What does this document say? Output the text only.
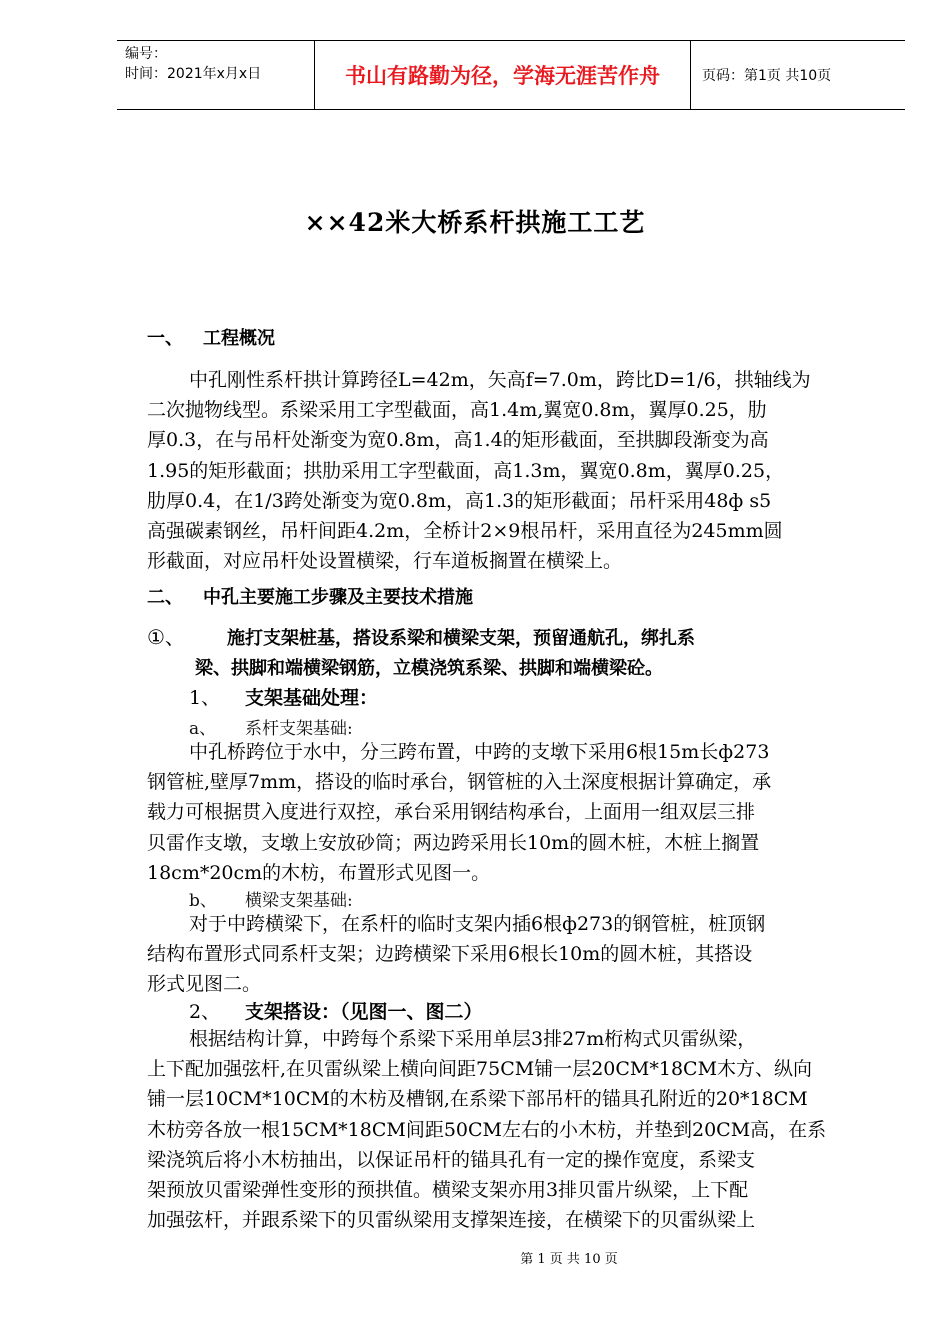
编号：
时间：2021年x月x日	书山有路勤为径，学海无涯苦作舟	页码：第1页 共10页
××42米大桥系杆拱施工工艺
一、 工程概况
中孔刚性系杆拱计算跨径L=42m，矢高f=7.0m，跨比D=1/6，拱轴线为
二次抛物线型。系梁采用工字型截面，高1.4m,翼宽0.8m，翼厚0.25，肋
厚0.3，在与吊杆处渐变为宽0.8m，高1.4的矩形截面，至拱脚段渐变为高
1.95的矩形截面；拱肋采用工字型截面，高1.3m，翼宽0.8m，翼厚0.25，
肋厚0.4，在1/3跨处渐变为宽0.8m，高1.3的矩形截面；吊杆采用48ф s5
高强碳素钢丝，吊杆间距4.2m，全桥计2×9根吊杆，采用直径为245mm圆
形截面，对应吊杆处设置横梁，行车道板搁置在横梁上。
二、 中孔主要施工步骤及主要技术措施
①、 施打支架桩基，搭设系梁和横梁支架，预留通航孔，绑扎系
梁、拱脚和端横梁钢筋，立模浇筑系梁、拱脚和端横梁砼。
1、 支架基础处理：
a、 系杆支架基础:
中孔桥跨位于水中，分三跨布置，中跨的支墩下采用6根15m长ф273
钢管桩,壁厚7mm，搭设的临时承台，钢管桩的入土深度根据计算确定，承
载力可根据贯入度进行双控，承台采用钢结构承台，上面用一组双层三排
贝雷作支墩，支墩上安放砂筒；两边跨采用长10m的圆木桩，木桩上搁置
18cm*20cm的木枋，布置形式见图一。
b、 横梁支架基础:
对于中跨横梁下，在系杆的临时支架内插6根ф273的钢管桩，桩顶钢
结构布置形式同系杆支架；边跨横梁下采用6根长10m的圆木桩，其搭设
形式见图二。
2、 支架搭设：（见图一、图二）
根据结构计算，中跨每个系梁下采用单层3排27m桁构式贝雷纵梁，
上下配加强弦杆,在贝雷纵梁上横向间距75CM铺一层20CM*18CM木方、纵向
铺一层10CM*10CM的木枋及槽钢,在系梁下部吊杆的锚具孔附近的20*18CM
木枋旁各放一根15CM*18CM间距50CM左右的小木枋，并垫到20CM高，在系
梁浇筑后将小木枋抽出，以保证吊杆的锚具孔有一定的操作宽度，系梁支
架预放贝雷梁弹性变形的预拱值。横梁支架亦用3排贝雷片纵梁，上下配
加强弦杆，并跟系梁下的贝雷纵梁用支撑架连接，在横梁下的贝雷纵梁上
第 1 页 共 10 页
